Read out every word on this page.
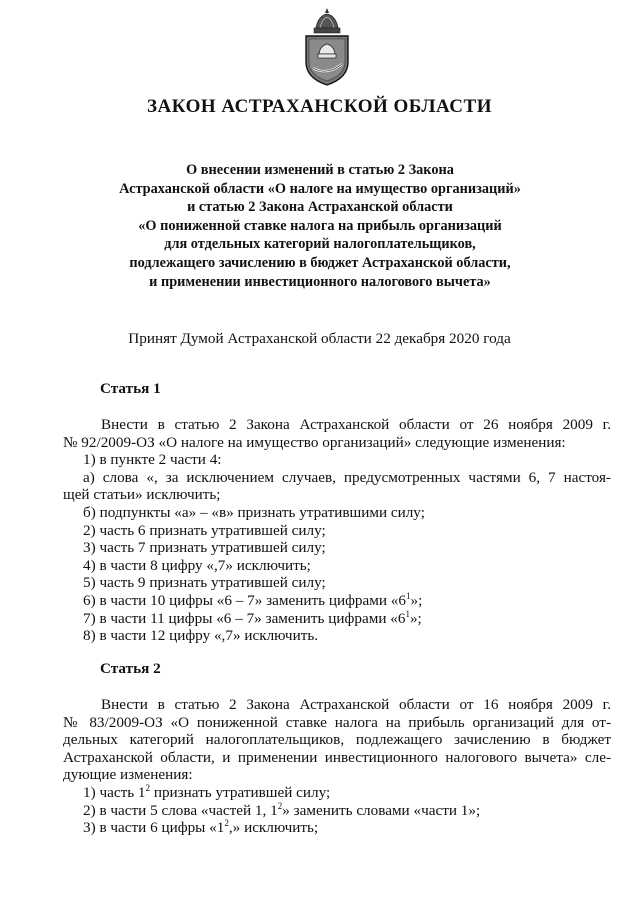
ЗАКОН АСТРАХАНСКОЙ ОБЛАСТИ
О внесении изменений в статью 2 Закона
Астраханской области «О налоге на имущество организаций»
и статью 2 Закона Астраханской области
«О пониженной ставке налога на прибыль организаций
для отдельных категорий налогоплательщиков,
подлежащего зачислению в бюджет Астраханской области,
и применении инвестиционного налогового вычета»

Принят Думой Астраханской области 22 декабря 2020 года

Статья 1
Внести в статью 2 Закона Астраханской области от 26 ноября 2009 г.
№ 92/2009-ОЗ «О налоге на имущество организаций» следующие изменения:
1) в пункте 2 части 4:
а) слова «, за исключением случаев, предусмотренных частями 6, 7 настоя-
щей статьи» исключить;
б) подпункты «а» – «в» признать утратившими силу;
2) часть 6 признать утратившей силу;
3) часть 7 признать утратившей силу;
4) в части 8 цифру «,7» исключить;
5) часть 9 признать утратившей силу;
6) в части 10 цифры «6 – 7» заменить цифрами «$6^1$»;
7) в части 11 цифры «6 – 7» заменить цифрами «$6^1$»;
8) в части 12 цифру «,7» исключить.
Статья 2
Внести в статью 2 Закона Астраханской области от 16 ноября 2009 г.
№ 83/2009-ОЗ «О пониженной ставке налога на прибыль организаций для от-
дельных категорий налогоплательщиков, подлежащего зачислению в бюджет
Астраханской области, и применении инвестиционного налогового вычета» сле-
дующие изменения:
1) часть $1^2$ признать утратившей силу;
2) в части 5 слова «частей 1, $1^2$» заменить словами «части 1»;
3) в части 6 цифры «$1^2$,» исключить;
